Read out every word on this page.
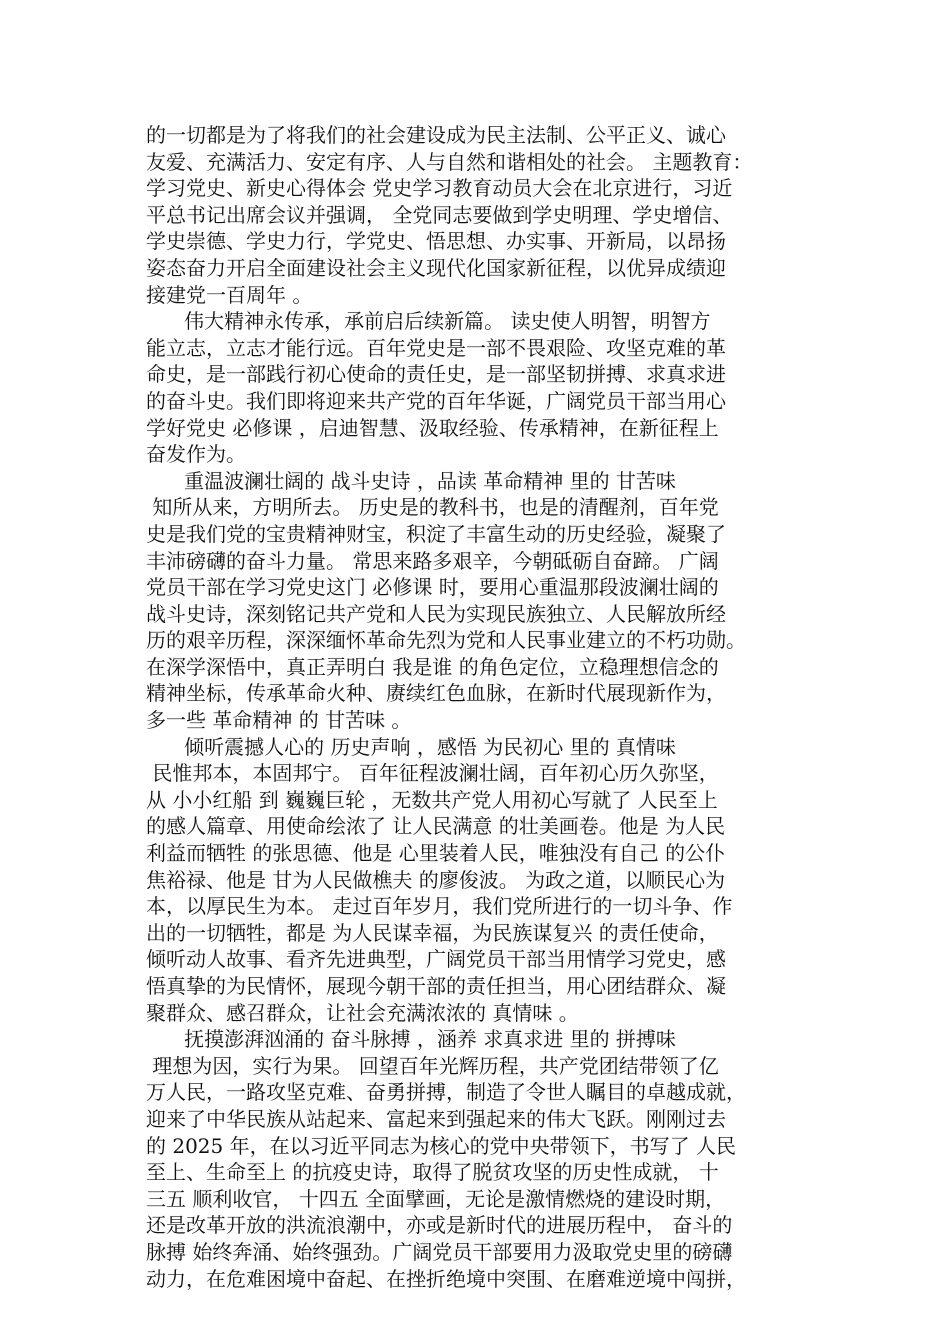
的一切都是为了将我们的社会建设成为民主法制、公平正义、诚心
友爱、充满活力、安定有序、人与自然和谐相处的社会。 主题教育：
学习党史、新史心得体会 党史学习教育动员大会在北京进行，习近
平总书记出席会议并强调， 全党同志要做到学史明理、学史增信、
学史崇德、学史力行，学党史、悟思想、办实事、开新局，以昂扬
姿态奋力开启全面建设社会主义现代化国家新征程，以优异成绩迎
接建党一百周年 。
伟大精神永传承，承前启后续新篇。 读史使人明智，明智方
能立志，立志才能行远。百年党史是一部不畏艰险、攻坚克难的革
命史，是一部践行初心使命的责任史，是一部坚韧拼搏、求真求进
的奋斗史。我们即将迎来共产党的百年华诞，广阔党员干部当用心
学好党史 必修课 ，启迪智慧、汲取经验、传承精神，在新征程上
奋发作为。
重温波澜壮阔的 战斗史诗 ，品读 革命精神 里的 甘苦味
知所从来，方明所去。 历史是的教科书，也是的清醒剂，百年党
史是我们党的宝贵精神财宝，积淀了丰富生动的历史经验，凝聚了
丰沛磅礴的奋斗力量。 常思来路多艰辛，今朝砥砺自奋蹄。 广阔
党员干部在学习党史这门 必修课 时，要用心重温那段波澜壮阔的
战斗史诗，深刻铭记共产党和人民为实现民族独立、人民解放所经
历的艰辛历程，深深缅怀革命先烈为党和人民事业建立的不朽功勋。
在深学深悟中，真正弄明白 我是谁 的角色定位，立稳理想信念的
精神坐标，传承革命火种、赓续红色血脉，在新时代展现新作为，
多一些 革命精神 的 甘苦味 。
倾听震撼人心的 历史声响 ，感悟 为民初心 里的 真情味
民惟邦本，本固邦宁。 百年征程波澜壮阔，百年初心历久弥坚，
从 小小红船 到 巍巍巨轮 ，无数共产党人用初心写就了 人民至上
的感人篇章、用使命绘浓了 让人民满意 的壮美画卷。他是 为人民
利益而牺牲 的张思德、他是 心里装着人民，唯独没有自己 的公仆
焦裕禄、他是 甘为人民做樵夫 的廖俊波。 为政之道，以顺民心为
本，以厚民生为本。 走过百年岁月，我们党所进行的一切斗争、作
出的一切牺牲，都是 为人民谋幸福，为民族谋复兴 的责任使命，
倾听动人故事、看齐先进典型，广阔党员干部当用情学习党史，感
悟真挚的为民情怀，展现今朝干部的责任担当，用心团结群众、凝
聚群众、感召群众，让社会充满浓浓的 真情味 。
抚摸澎湃汹涌的 奋斗脉搏 ，涵养 求真求进 里的 拼搏味
理想为因，实行为果。 回望百年光辉历程，共产党团结带领了亿
万人民，一路攻坚克难、奋勇拼搏，制造了令世人瞩目的卓越成就，
迎来了中华民族从站起来、富起来到强起来的伟大飞跃。刚刚过去
的 2025 年，在以习近平同志为核心的党中央带领下，书写了 人民
至上、生命至上 的抗疫史诗，取得了脱贫攻坚的历史性成就， 十
三五 顺利收官， 十四五 全面擘画，无论是激情燃烧的建设时期，
还是改革开放的洪流浪潮中，亦或是新时代的进展历程中， 奋斗的
脉搏 始终奔涌、始终强劲。广阔党员干部要用力汲取党史里的磅礴
动力，在危难困境中奋起、在挫折绝境中突围、在磨难逆境中闯拼，
